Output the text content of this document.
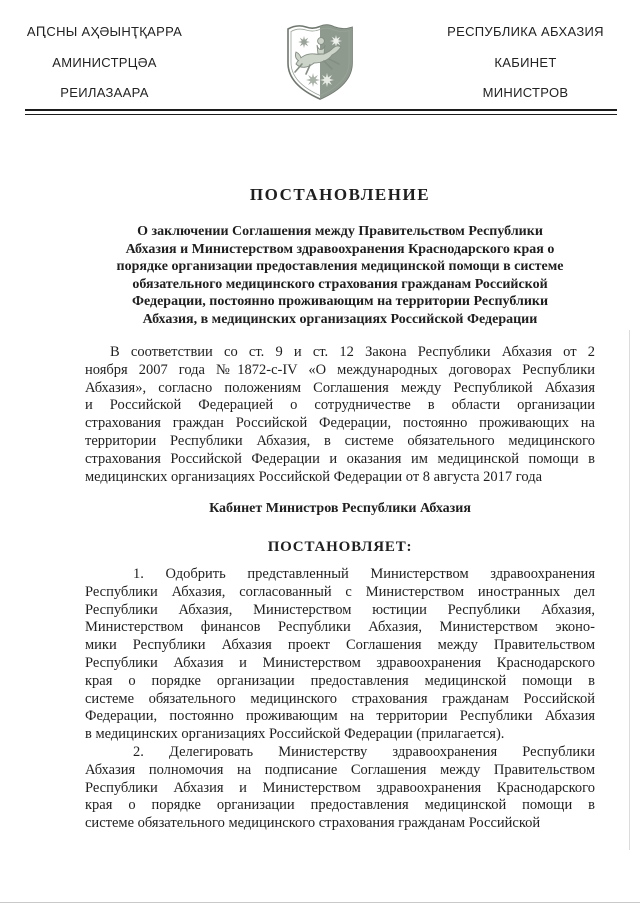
АԤСНЫ АҲӘЫНҬҚАРРА
АМИНИСТРЦӘА
РЕИЛАЗААРА
РЕСПУБЛИКА АБХАЗИЯ
КАБИНЕТ
МИНИСТРОВ
ПОСТАНОВЛЕНИЕ
О заключении Соглашения между Правительством Республики
Абхазия и Министерством здравоохранения Краснодарского края о
порядке организации предоставления медицинской помощи в системе
обязательного медицинского страхования гражданам Российской
Федерации, постоянно проживающим на территории Республики
Абхазия, в медицинских организациях Российской Федерации
В соответствии со ст. 9 и ст. 12 Закона Республики Абхазия от 2
ноября 2007 года №1872-с-IV «О международных договорах Республики
Абхазия», согласно положениям Соглашения между Республикой Абхазия
и Российской Федерацией о сотрудничестве в области организации
страхования граждан Российской Федерации, постоянно проживающих на
территории Республики Абхазия, в системе обязательного медицинского
страхования Российской Федерации и оказания им медицинской помощи в
медицинских организациях Российской Федерации от 8 августа 2017 года
Кабинет Министров Республики Абхазия
ПОСТАНОВЛЯЕТ:
1. Одобрить представленный Министерством здравоохранения
Республики Абхазия, согласованный с Министерством иностранных дел
Республики Абхазия, Министерством юстиции Республики Абхазия,
Министерством финансов Республики Абхазия, Министерством эконо-
мики Республики Абхазия проект Соглашения между Правительством
Республики Абхазия и Министерством здравоохранения Краснодарского
края о порядке организации предоставления медицинской помощи в
системе обязательного медицинского страхования гражданам Российской
Федерации, постоянно проживающим на территории Республики Абхазия
в медицинских организациях Российской Федерации (прилагается).
2. Делегировать Министерству здравоохранения Республики
Абхазия полномочия на подписание Соглашения между Правительством
Республики Абхазия и Министерством здравоохранения Краснодарского
края о порядке организации предоставления медицинской помощи в
системе обязательного медицинского страхования гражданам Российской
